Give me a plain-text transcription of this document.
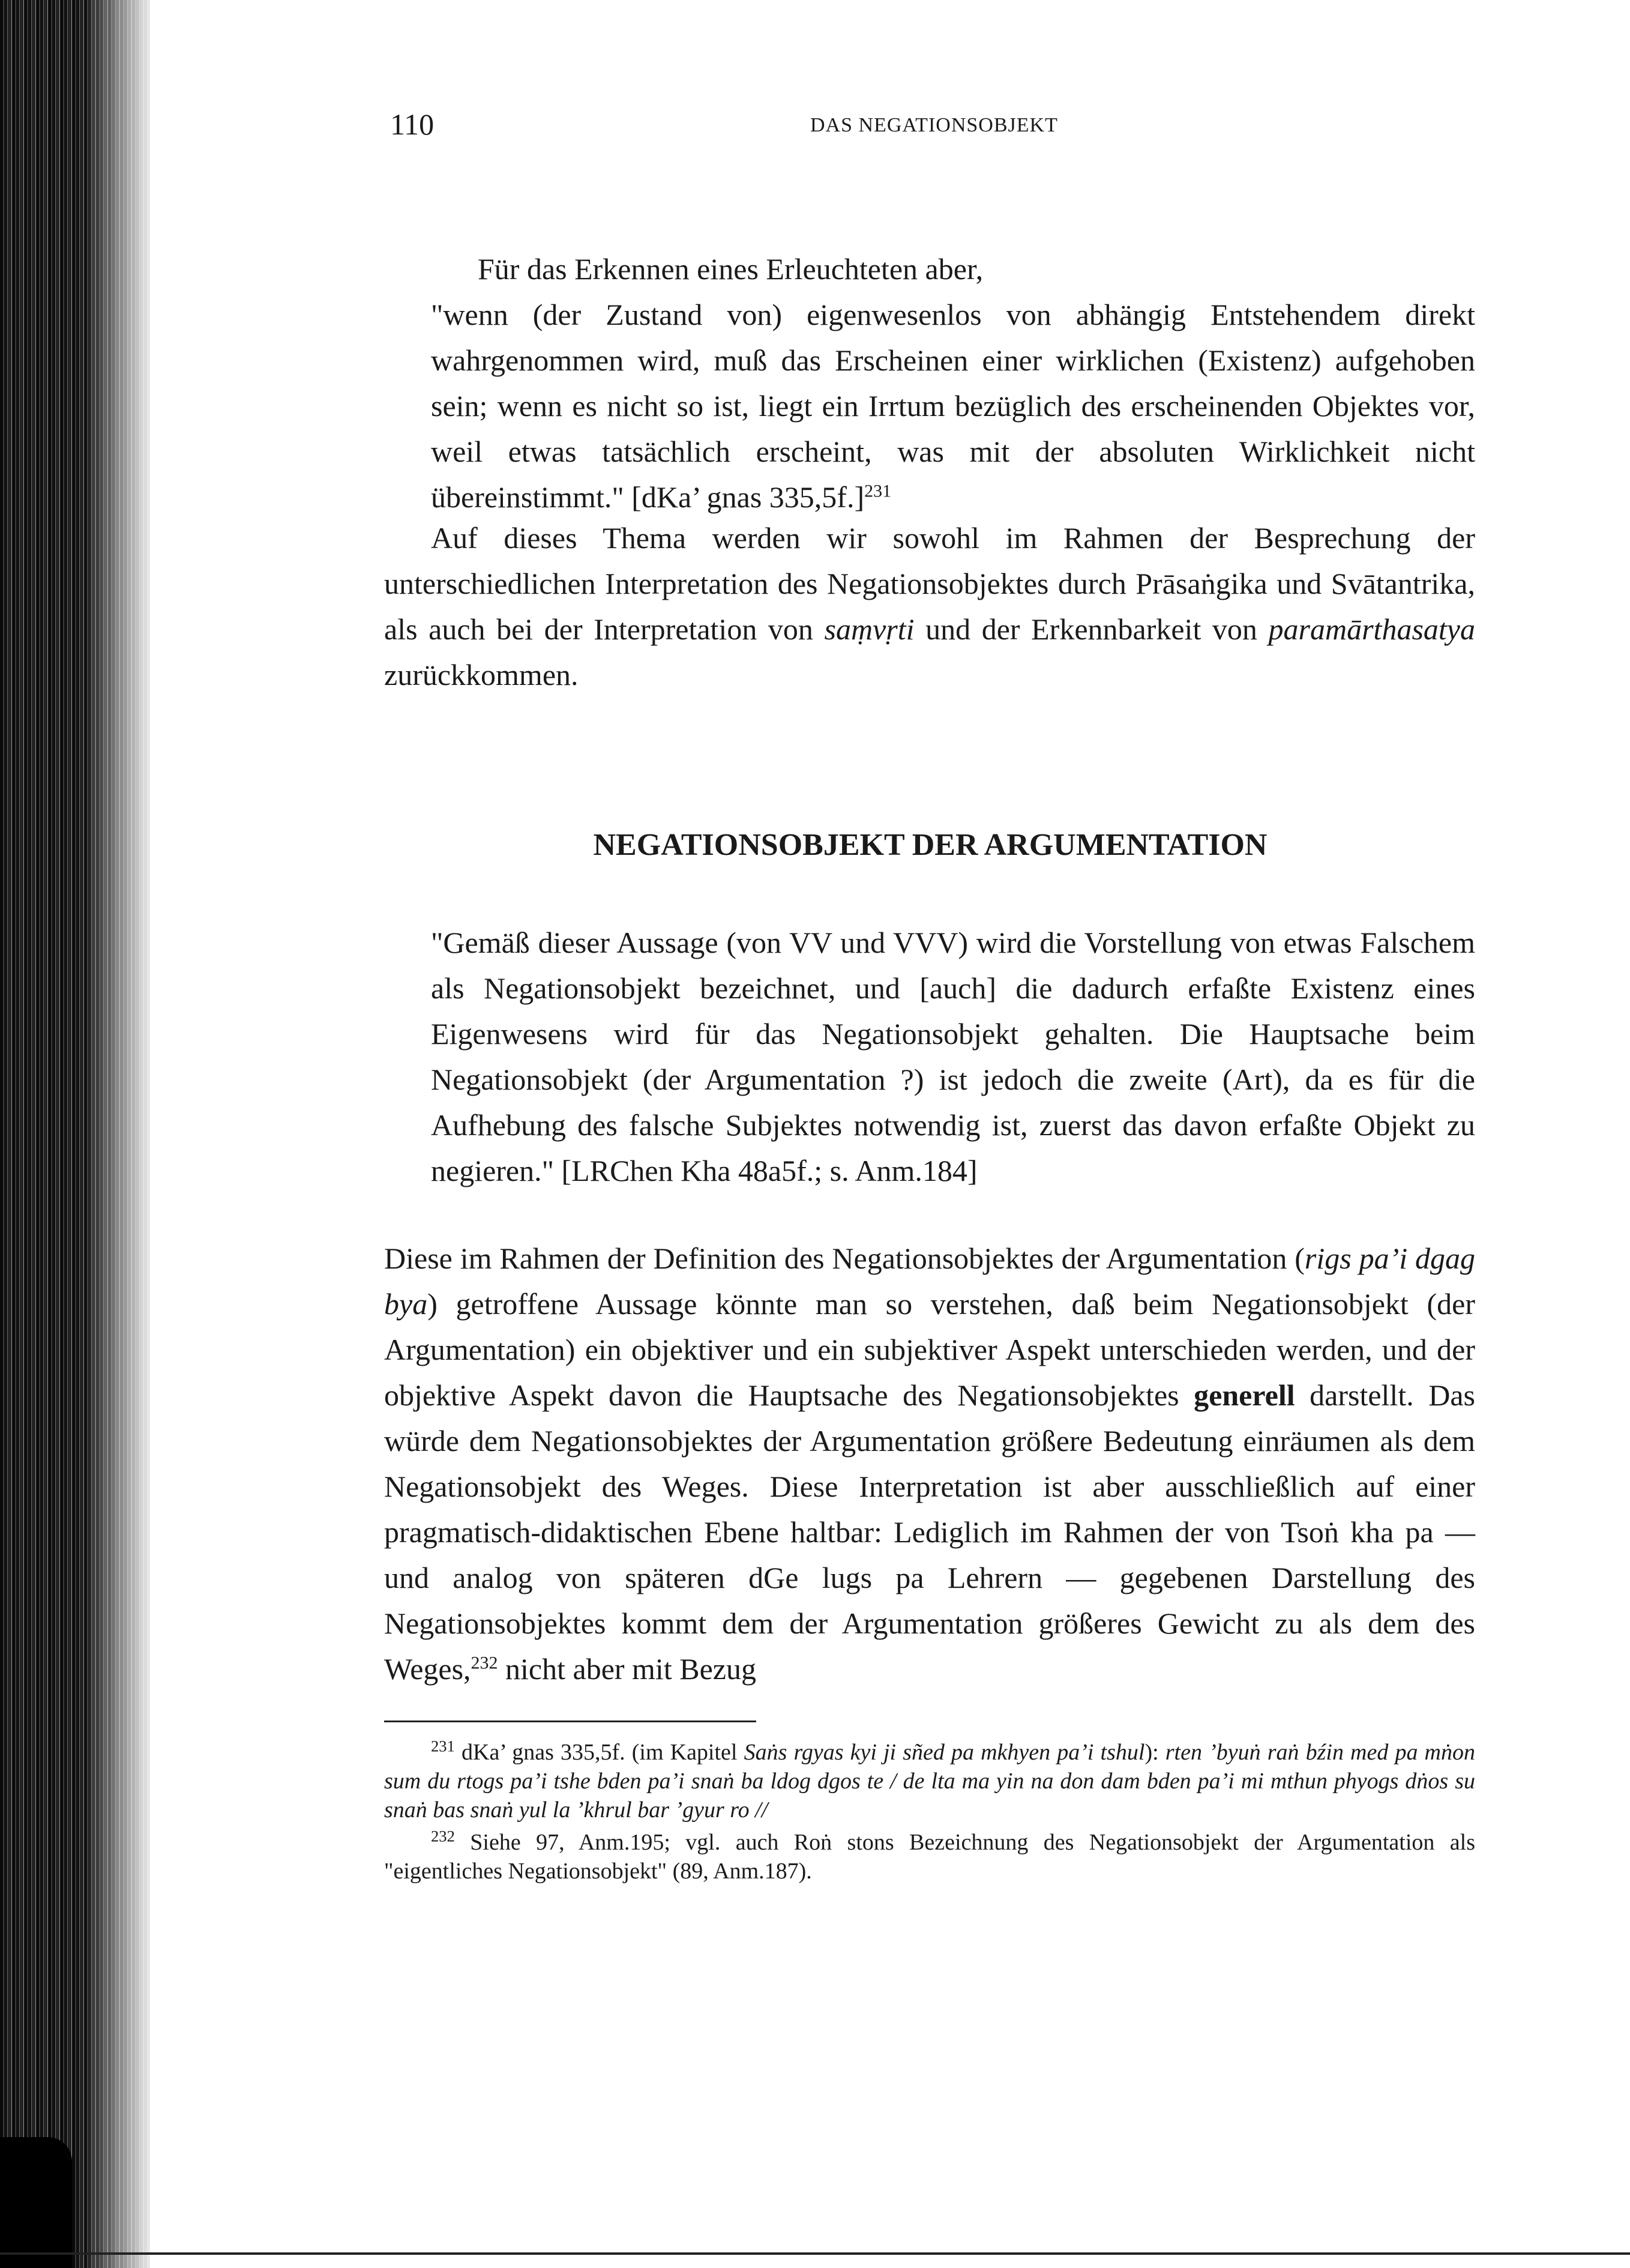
110	DAS NEGATIONSOBJEKT

Für das Erkennen eines Erleuchteten aber,

"wenn (der Zustand von) eigenwesenlos von abhängig Entstehendem direkt wahrgenommen wird, muß das Erscheinen einer wirklichen (Existenz) aufgehoben sein; wenn es nicht so ist, liegt ein Irrtum bezüglich des erscheinenden Objektes vor, weil etwas tatsächlich erscheint, was mit der absoluten Wirklichkeit nicht übereinstimmt." [dKa’ gnas 335,5f.]$^{231}$

Auf dieses Thema werden wir sowohl im Rahmen der Besprechung der unterschiedlichen Interpretation des Negationsobjektes durch Prāsaṅgika und Svātantrika, als auch bei der Interpretation von saṃvṛti und der Erkennbarkeit von paramārthasatya zurückkommen.

NEGATIONSOBJEKT DER ARGUMENTATION

"Gemäß dieser Aussage (von VV und VVV) wird die Vorstellung von etwas Falschem als Negationsobjekt bezeichnet, und [auch] die dadurch erfaßte Existenz eines Eigenwesens wird für das Negationsobjekt gehalten. Die Hauptsache beim Negationsobjekt (der Argumentation ?) ist jedoch die zweite (Art), da es für die Aufhebung des falsche Subjektes notwendig ist, zuerst das davon erfaßte Objekt zu negieren." [LRChen Kha 48a5f.; s. Anm.184]

Diese im Rahmen der Definition des Negationsobjektes der Argumentation (rigs pa’i dgag bya) getroffene Aussage könnte man so verstehen, daß beim Negationsobjekt (der Argumentation) ein objektiver und ein subjektiver Aspekt unterschieden werden, und der objektive Aspekt davon die Hauptsache des Negationsobjektes generell darstellt. Das würde dem Negationsobjektes der Argumentation größere Bedeutung einräumen als dem Negationsobjekt des Weges. Diese Interpretation ist aber ausschließlich auf einer pragmatisch-didaktischen Ebene haltbar: Lediglich im Rahmen der von Tsoṅ kha pa — und analog von späteren dGe lugs pa Lehrern — gegebenen Darstellung des Negationsobjektes kommt dem der Argumentation größeres Gewicht zu als dem des Weges,$^{232}$ nicht aber mit Bezug

$^{231}$ dKa’ gnas 335,5f. (im Kapitel Saṅs rgyas kyi ji sñed pa mkhyen pa’i tshul): rten ’byuṅ raṅ bźin med pa mṅon sum du rtogs pa’i tshe bden pa’i snaṅ ba ldog dgos te / de lta ma yin na don dam bden pa’i mi mthun phyogs dṅos su snaṅ bas snaṅ yul la ’khrul bar ’gyur ro //

$^{232}$ Siehe 97, Anm.195; vgl. auch Roṅ stons Bezeichnung des Negationsobjekt der Argumentation als "eigentliches Negationsobjekt" (89, Anm.187).
